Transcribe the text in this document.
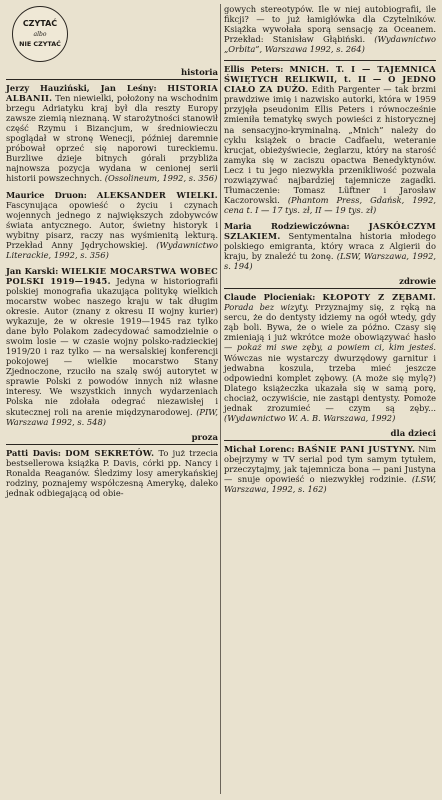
CZYTAĆ
albo
NIE CZYTAĆ
historia

Jerzy Hauziński, Jan Leśny: HISTORIA ALBANII. Ten niewielki, położony na wschodnim brzegu Adriatyku kraj był dla reszty Europy zawsze ziemią nieznaną. W starożytności stanowił część Rzymu i Bizancjum, w średniowieczu spoglądał w stronę Wenecji, później daremnie próbował oprzeć się naporowi tureckiemu. Burzliwe dzieje bitnych górali przybliża najnowsza pozycja wydana w cenionej serii historii powszechnych. (Ossolineum, 1992, s. 356)

Maurice Druon: ALEKSANDER WIELKI. Fascynująca opowieść o życiu i czynach wojennych jednego z największych zdobywców świata antycznego. Autor, świetny historyk i wybitny pisarz, raczy nas wyśmienitą lekturą. Przekład Anny Jędrychowskiej. (Wydawnictwo Literackie, 1992, s. 356)

Jan Karski: WIELKIE MOCARSTWA WOBEC POLSKI 1919—1945. Jedyna w historiografii polskiej monografia ukazująca politykę wielkich mocarstw wobec naszego kraju w tak długim okresie. Autor (znany z okresu II wojny kurier) wykazuje, że w okresie 1919—1945 raz tylko dane było Polakom zadecydować samodzielnie o swoim losie — w czasie wojny polsko-radzieckiej 1919/20 i raz tylko — na wersalskiej konferencji pokojowej — wielkie mocarstwo Stany Zjednoczone, rzuciło na szalę swój autorytet w sprawie Polski z powodów innych niż własne interesy. We wszystkich innych wydarzeniach Polska nie zdołała odegrać niezawisłej i skutecznej roli na arenie międzynarodowej. (PIW, Warszawa 1992, s. 548)

proza

Patti Davis: DOM SEKRETÓW. To już trzecia bestsellerowa książka P. Davis, córki pp. Nancy i Ronalda Reaganów. Śledzimy losy amerykańskiej rodziny, poznajemy współczesną Amerykę, daleko jednak odbiegającą od obie-

gowych stereotypów. Ile w niej autobiografii, ile fikcji? — to już łamigłówka dla Czytelników. Książka wywołała sporą sensację za Oceanem. Przekład: Stanisław Głąbiński. (Wydawnictwo „Orbita”, Warszawa 1992, s. 264)

Ellis Peters: MNICH. T. I — TAJEMNICA ŚWIĘTYCH RELIKWII, t. II — O JEDNO CIAŁO ZA DUŻO. Edith Pargenter — tak brzmi prawdziwe imię i nazwisko autorki, która w 1959 przyjęła pseudonim Ellis Peters i równocześnie zmieniła tematykę swych powieści z historycznej na sensacyjno-kryminalną. „Mnich” należy do cyklu książek o bracie Cadfaelu, weteranie krucjat, obieżyświecie, żeglarzu, który na starość zamyka się w zaciszu opactwa Benedyktynów. Lecz i tu jego niezwykła przenikliwość pozwala rozwiązywać najbardziej tajemnicze zagadki. Tłumaczenie: Tomasz Lüftner i Jarosław Kaczorowski. (Phantom Press, Gdańsk, 1992, cena t. I — 17 tys. zł, II — 19 tys. zł)

Maria Rodziewiczówna: JASKÓŁCZYM SZLAKIEM. Sentymentalna historia młodego polskiego emigranta, który wraca z Algierii do kraju, by znaleźć tu żonę. (LSW, Warszawa, 1992, s. 194)

zdrowie

Claude Plocieniak: KŁOPOTY Z ZĘBAMI. Porada bez wizyty. Przyznajmy się, z ręką na sercu, że do dentysty idziemy na ogół wtedy, gdy ząb boli. Bywa, że o wiele za późno. Czasy się zmieniają i już wkrótce może obowiązywać hasło — pokaż mi swe zęby, a powiem ci, kim jesteś. Wówczas nie wystarczy dwurzędowy garnitur i jedwabna koszula, trzeba mieć jeszcze odpowiedni komplet zębowy. (A może się mylę?) Dlatego książeczka ukazała się w samą porę, chociaż, oczywiście, nie zastąpi dentysty. Pomoże jednak zrozumieć — czym są zęby... (Wydawnictwo W. A. B. Warszawa, 1992)

dla dzieci

Michał Lorenc: BAŚNIE PANI JUSTYNY. Nim obejrzymy w TV serial pod tym samym tytułem, przeczytajmy, jak tajemnicza bona — pani Justyna — snuje opowieść o niezwykłej rodzinie. (LSW, Warszawa, 1992, s. 162)
